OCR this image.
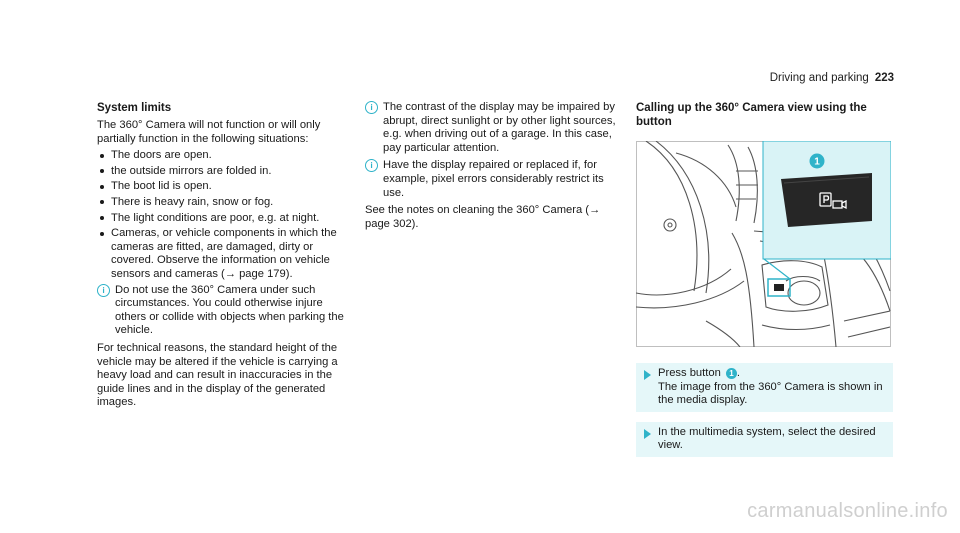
Driving and parking 223
System limits

The 360° Camera will not function or will only partially function in the following situations:

The doors are open.
the outside mirrors are folded in.
The boot lid is open.
There is heavy rain, snow or fog.
The light conditions are poor, e.g. at night.
Cameras, or vehicle components in which the cameras are fitted, are damaged, dirty or covered. Observe the information on vehicle sensors and cameras (→ page 179).
i Do not use the 360° Camera under such circumstances. You could otherwise injure others or collide with objects when parking the vehicle.

For technical reasons, the standard height of the vehicle may be altered if the vehicle is carrying a heavy load and can result in inaccuracies in the guide lines and in the display of the generated images.

i The contrast of the display may be impaired by abrupt, direct sunlight or by other light sources, e.g. when driving out of a garage. In this case, pay particular attention.
i Have the display repaired or replaced if, for example, pixel errors considerably restrict its use.

See the notes on cleaning the 360° Camera (→ page 302).

Calling up the 360° Camera view using the button
1
Press button 1 .
The image from the 360° Camera is shown in the media display.
In the multimedia system, select the desired view.
carmanualsonline.info
